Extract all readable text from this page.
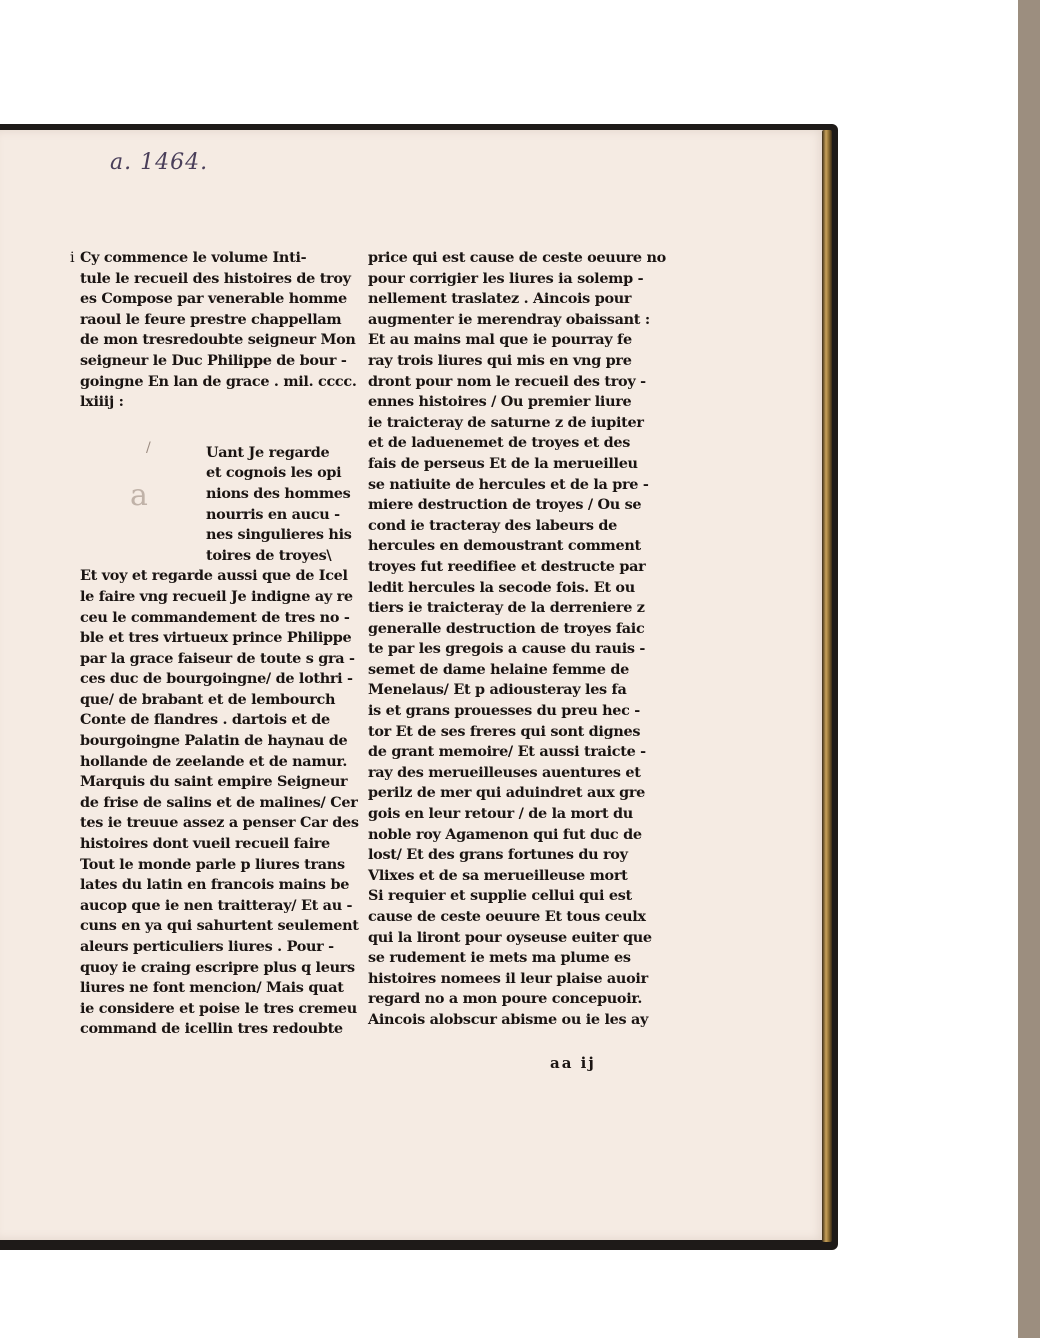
a. 1464.
/
a
i Cy commence le volume Inti-
tule le recueil des histoires de troy
es Compose par venerable homme
raoul le feure prestre chappellam
de mon tresredoubte seigneur Mon
seigneur le Duc Philippe de bour -
goingne En lan de grace . mil. cccc.
lxiiij :
Uant Je regarde
et cognois les opi
nions des hommes
nourris en aucu -
nes singulieres his
toires de troyes\
Et voy et regarde aussi que de Icel
le faire vng recueil Je indigne ay re
ceu le commandement de tres no -
ble et tres virtueux prince Philippe
par la grace faiseur de toute s gra -
ces duc de bourgoingne/ de lothri -
que/ de brabant et de lembourch
Conte de flandres . dartois et de
bourgoingne Palatin de haynau de
hollande de zeelande et de namur.
Marquis du saint empire Seigneur
de frise de salins et de malines/ Cer
tes ie treuue assez a penser Car des
histoires dont vueil recueil faire
Tout le monde parle p liures trans
lates du latin en francois mains be
aucop que ie nen traitteray/ Et au -
cuns en ya qui sahurtent seulement
aleurs perticuliers liures . Pour -
quoy ie craing escripre plus q leurs
liures ne font mencion/ Mais quat
ie considere et poise le tres cremeu
command de icellin tres redoubte
price qui est cause de ceste oeuure no
pour corrigier les liures ia solemp -
nellement traslatez . Aincois pour
augmenter ie merendray obaissant :
Et au mains mal que ie pourray fe
ray trois liures qui mis en vng pre
dront pour nom le recueil des troy -
ennes histoires / Ou premier liure
ie traicteray de saturne z de iupiter
et de laduenemet de troyes et des
fais de perseus Et de la merueilleu
se natiuite de hercules et de la pre -
miere destruction de troyes / Ou se
cond ie tracteray des labeurs de
hercules en demoustrant comment
troyes fut reedifiee et destructe par
ledit hercules la secode fois. Et ou
tiers ie traicteray de la derreniere z
generalle destruction de troyes faic
te par les gregois a cause du rauis -
semet de dame helaine femme de
Menelaus/ Et p adiousteray les fa
is et grans prouesses du preu hec -
tor Et de ses freres qui sont dignes
de grant memoire/ Et aussi traicte -
ray des merueilleuses auentures et
perilz de mer qui aduindret aux gre
gois en leur retour / de la mort du
noble roy Agamenon qui fut duc de
lost/ Et des grans fortunes du roy
Vlixes et de sa merueilleuse mort
Si requier et supplie cellui qui est
cause de ceste oeuure Et tous ceulx
qui la liront pour oyseuse euiter que
se rudement ie mets ma plume es
histoires nomees il leur plaise auoir
regard no a mon poure concepuoir.
Aincois alobscur abisme ou ie les ay
aa ij
